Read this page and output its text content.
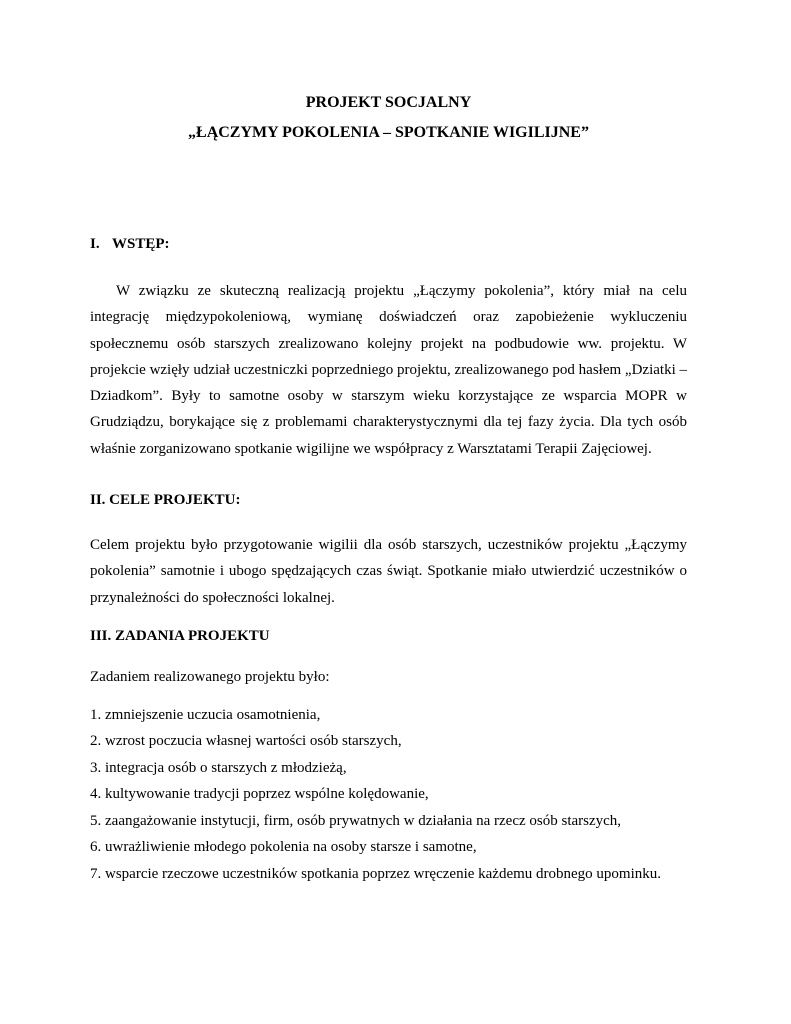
PROJEKT SOCJALNY
„ŁĄCZYMY POKOLENIA – SPOTKANIE WIGILIJNE”
I. WSTĘP:

W związku ze skuteczną realizacją projektu „Łączymy pokolenia”, który miał na celu integrację międzypokoleniową, wymianę doświadczeń oraz zapobieżenie wykluczeniu społecznemu osób starszych zrealizowano kolejny projekt na podbudowie ww. projektu. W projekcie wzięły udział uczestniczki poprzedniego projektu, zrealizowanego pod hasłem „Dziatki – Dziadkom”. Były to samotne osoby w starszym wieku korzystające ze wsparcia MOPR w Grudziądzu, borykające się z problemami charakterystycznymi dla tej fazy życia. Dla tych osób właśnie zorganizowano spotkanie wigilijne we współpracy z Warsztatami Terapii Zajęciowej.

II. CELE PROJEKTU:

Celem projektu było przygotowanie wigilii dla osób starszych, uczestników projektu „Łączymy pokolenia” samotnie i ubogo spędzających czas świąt. Spotkanie miało utwierdzić uczestników o przynależności do społeczności lokalnej.

III. ZADANIA PROJEKTU

Zadaniem realizowanego projektu było:

1. zmniejszenie uczucia osamotnienia,
2. wzrost poczucia własnej wartości osób starszych,
3. integracja osób o starszych z młodzieżą,
4. kultywowanie tradycji poprzez wspólne kolędowanie,
5. zaangażowanie instytucji, firm, osób prywatnych w działania na rzecz osób starszych,
6. uwrażliwienie młodego pokolenia na osoby starsze i samotne,
7. wsparcie rzeczowe uczestników spotkania poprzez wręczenie każdemu drobnego upominku.
